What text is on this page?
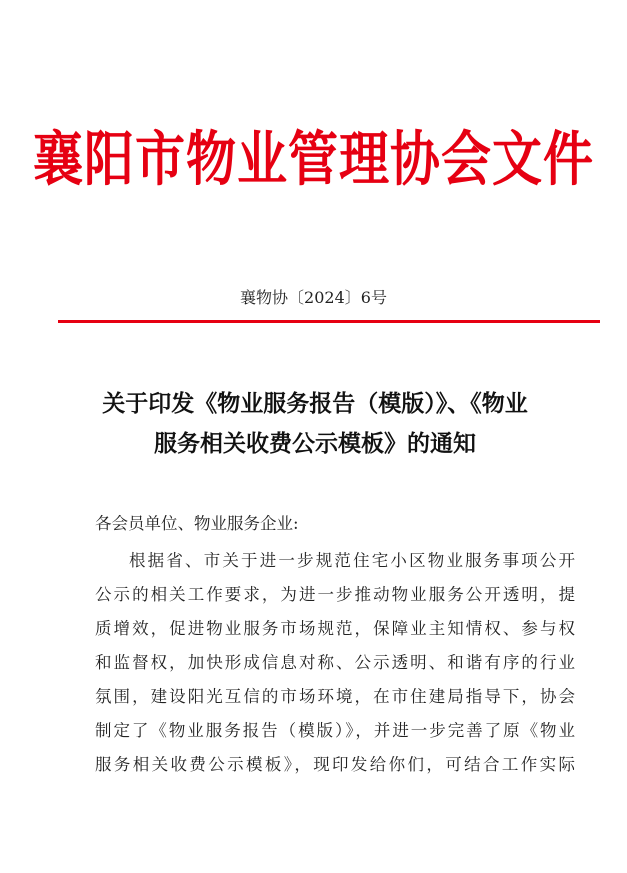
襄阳市物业管理协会文件
襄物协〔2024〕6号
关于印发《物业服务报告（模版）》、《物业
服务相关收费公示模板》的通知
各会员单位、物业服务企业:
根据省、市关于进一步规范住宅小区物业服务事项公开
公示的相关工作要求，为进一步推动物业服务公开透明，提
质增效，促进物业服务市场规范，保障业主知情权、参与权
和监督权，加快形成信息对称、公示透明、和谐有序的行业
氛围，建设阳光互信的市场环境，在市住建局指导下，协会
制定了《物业服务报告（模版）》，并进一步完善了原《物业
服务相关收费公示模板》，现印发给你们，可结合工作实际
